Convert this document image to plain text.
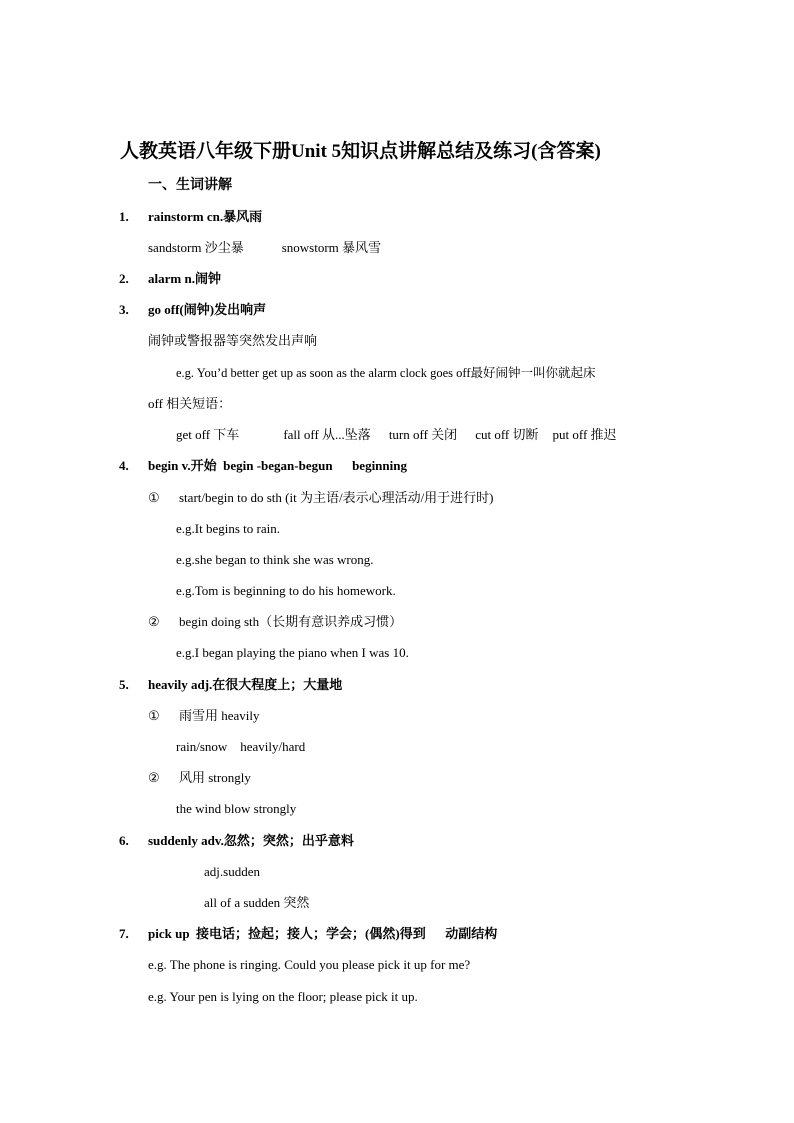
人教英语八年级下册Unit 5知识点讲解总结及练习(含答案)
一、生词讲解
1. rainstorm cn.暴风雨
sandstorm 沙尘暴	snowstorm 暴风雪
2. alarm n.闹钟
3. go off(闹钟)发出响声
闹钟或警报器等突然发出声响
e.g. You’d better get up as soon as the alarm clock goes off最好闹钟一叫你就起床
off 相关短语：
get off 下车	fall off 从...坠落 turn off 关闭 cut off 切断 put off 推迟
4. begin v.开始  begin -began-begun      beginning
① start/begin to do sth (it 为主语/表示心理活动/用于进行时)
e.g.It begins to rain.
e.g.she began to think she was wrong.
e.g.Tom is beginning to do his homework.
② begin doing sth（长期有意识养成习惯）
e.g.I began playing the piano when I was 10.
5. heavily adj.在很大程度上；大量地
① 雨雪用 heavily
rain/snow    heavily/hard
② 风用 strongly
the wind blow strongly
6. suddenly adv.忽然；突然；出乎意料
adj.sudden
all of a sudden 突然
7. pick up  接电话；捡起；接人；学会；(偶然)得到      动副结构
e.g. The phone is ringing. Could you please pick it up for me?
e.g. Your pen is lying on the floor; please pick it up.
